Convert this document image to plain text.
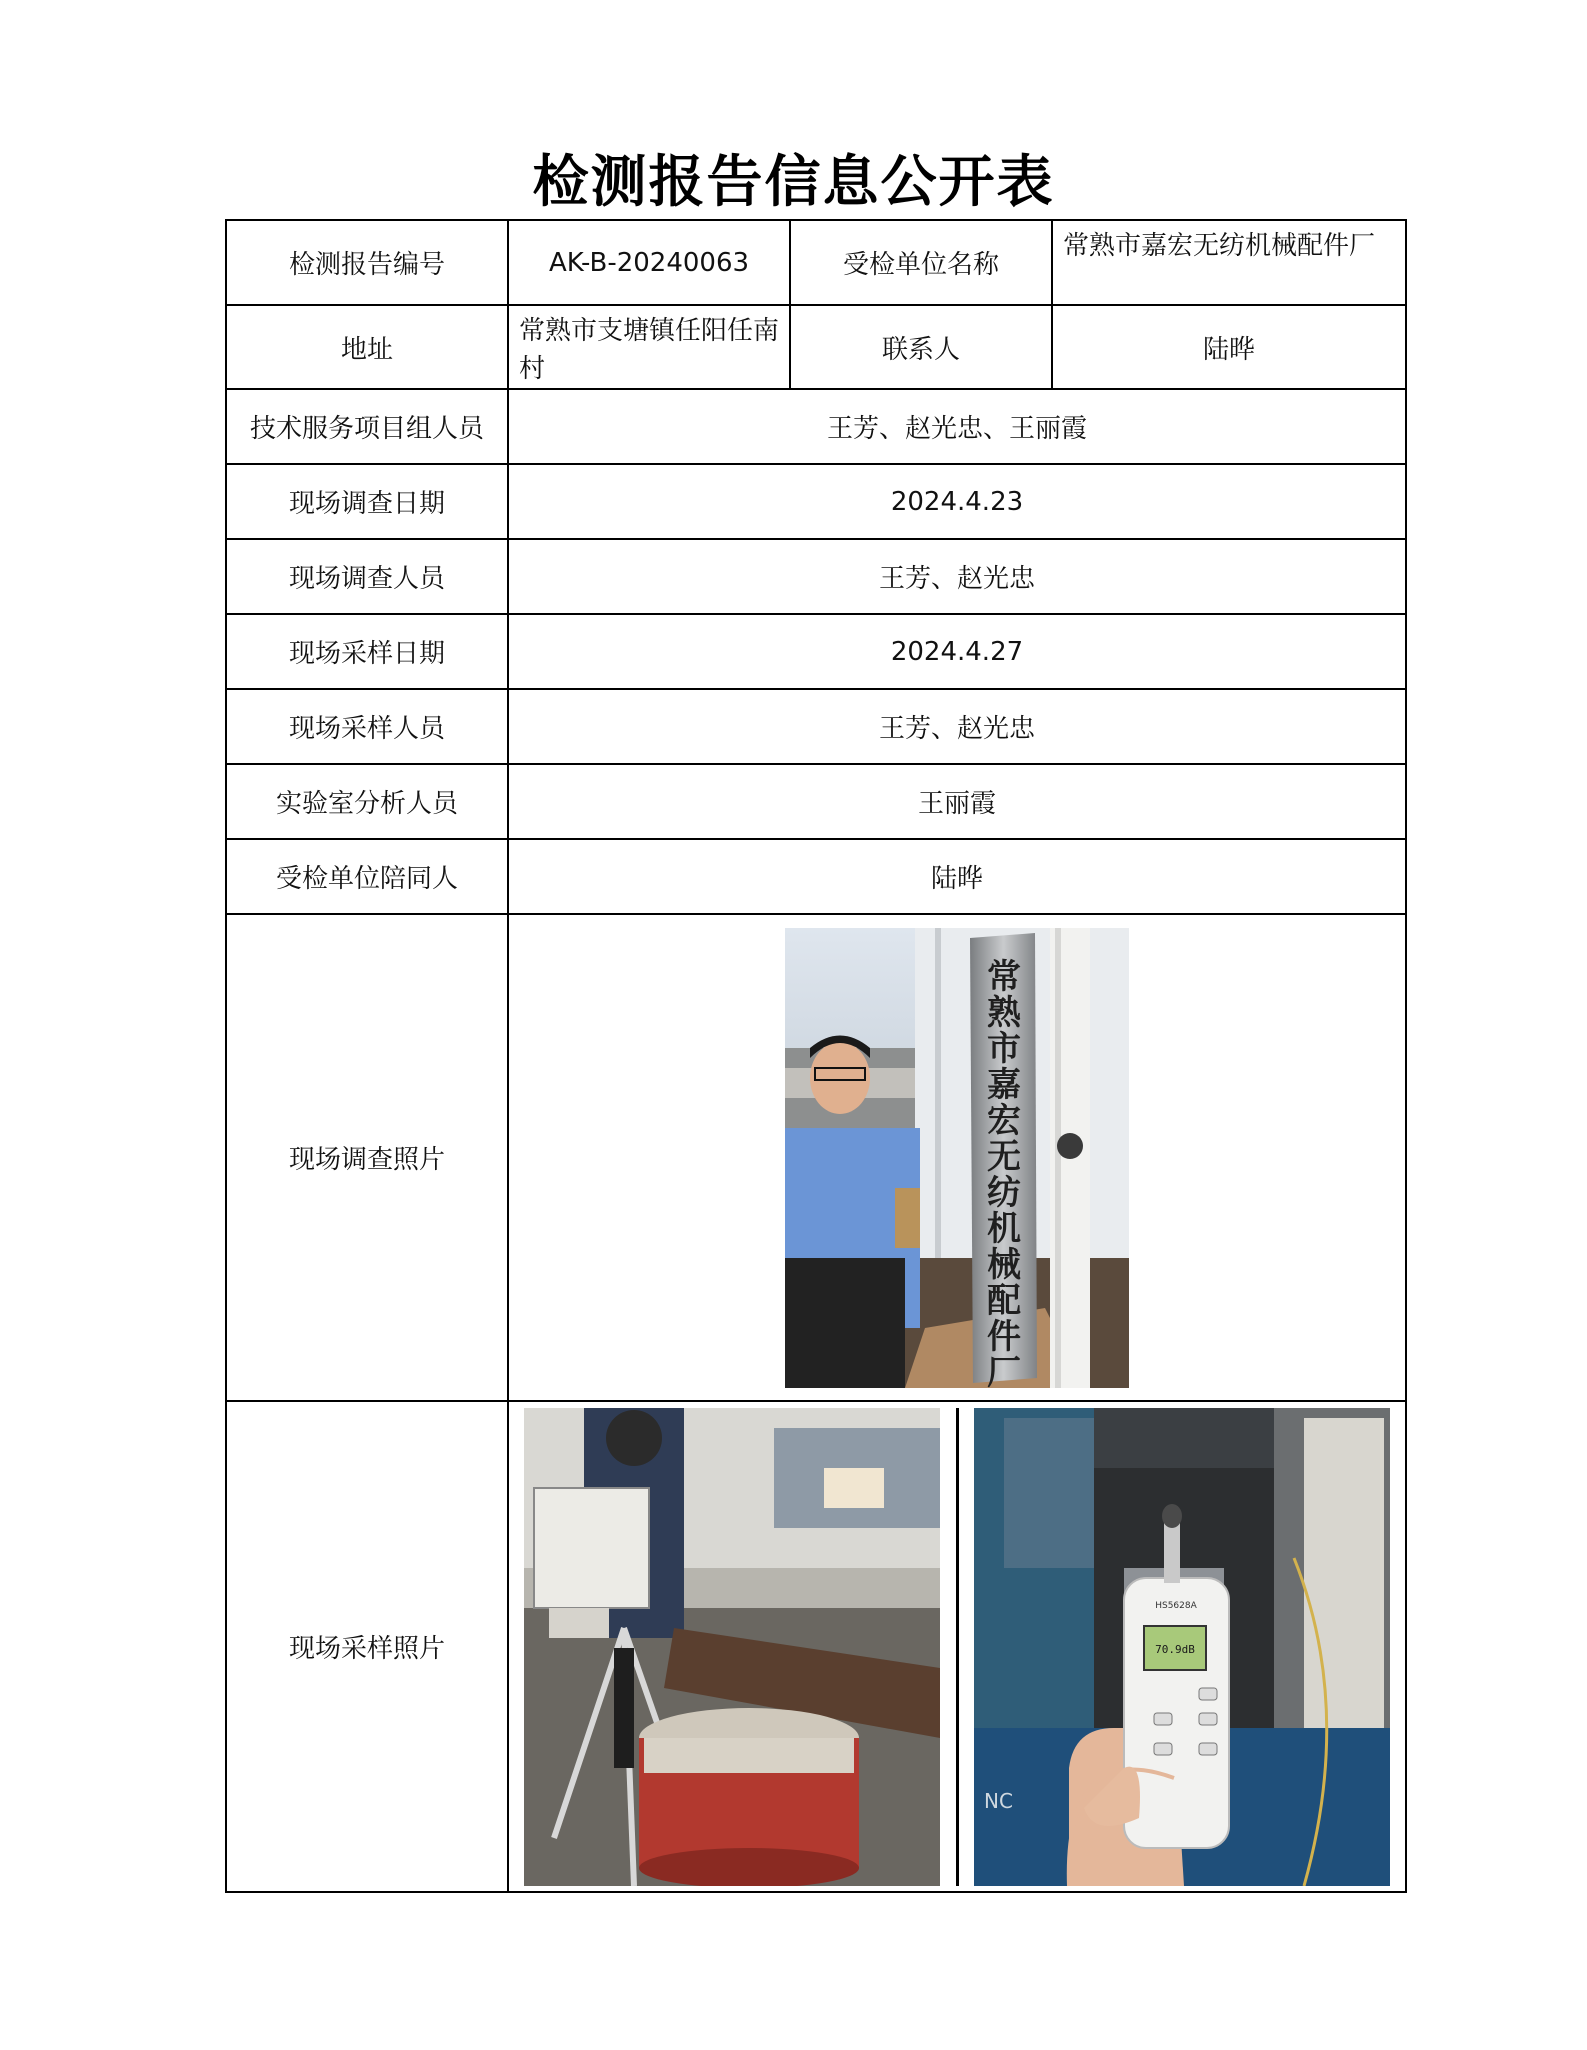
检测报告信息公开表
检测报告编号	AK-B-20240063	受检单位名称	常熟市嘉宏无纺机械配件厂
地址	常熟市支塘镇任阳任南村	联系人	陆晔
技术服务项目组人员	王芳、赵光忠、王丽霞		
现场调查日期	2024.4.23		
现场调查人员	王芳、赵光忠		
现场采样日期	2024.4.27		
现场采样人员	王芳、赵光忠		
实验室分析人员	王丽霞		
受检单位陪同人	陆晔		
现场调查照片	常熟市嘉宏无纺机械配件厂		

现场采样照片	NC
HS5628A
70.9dB		
